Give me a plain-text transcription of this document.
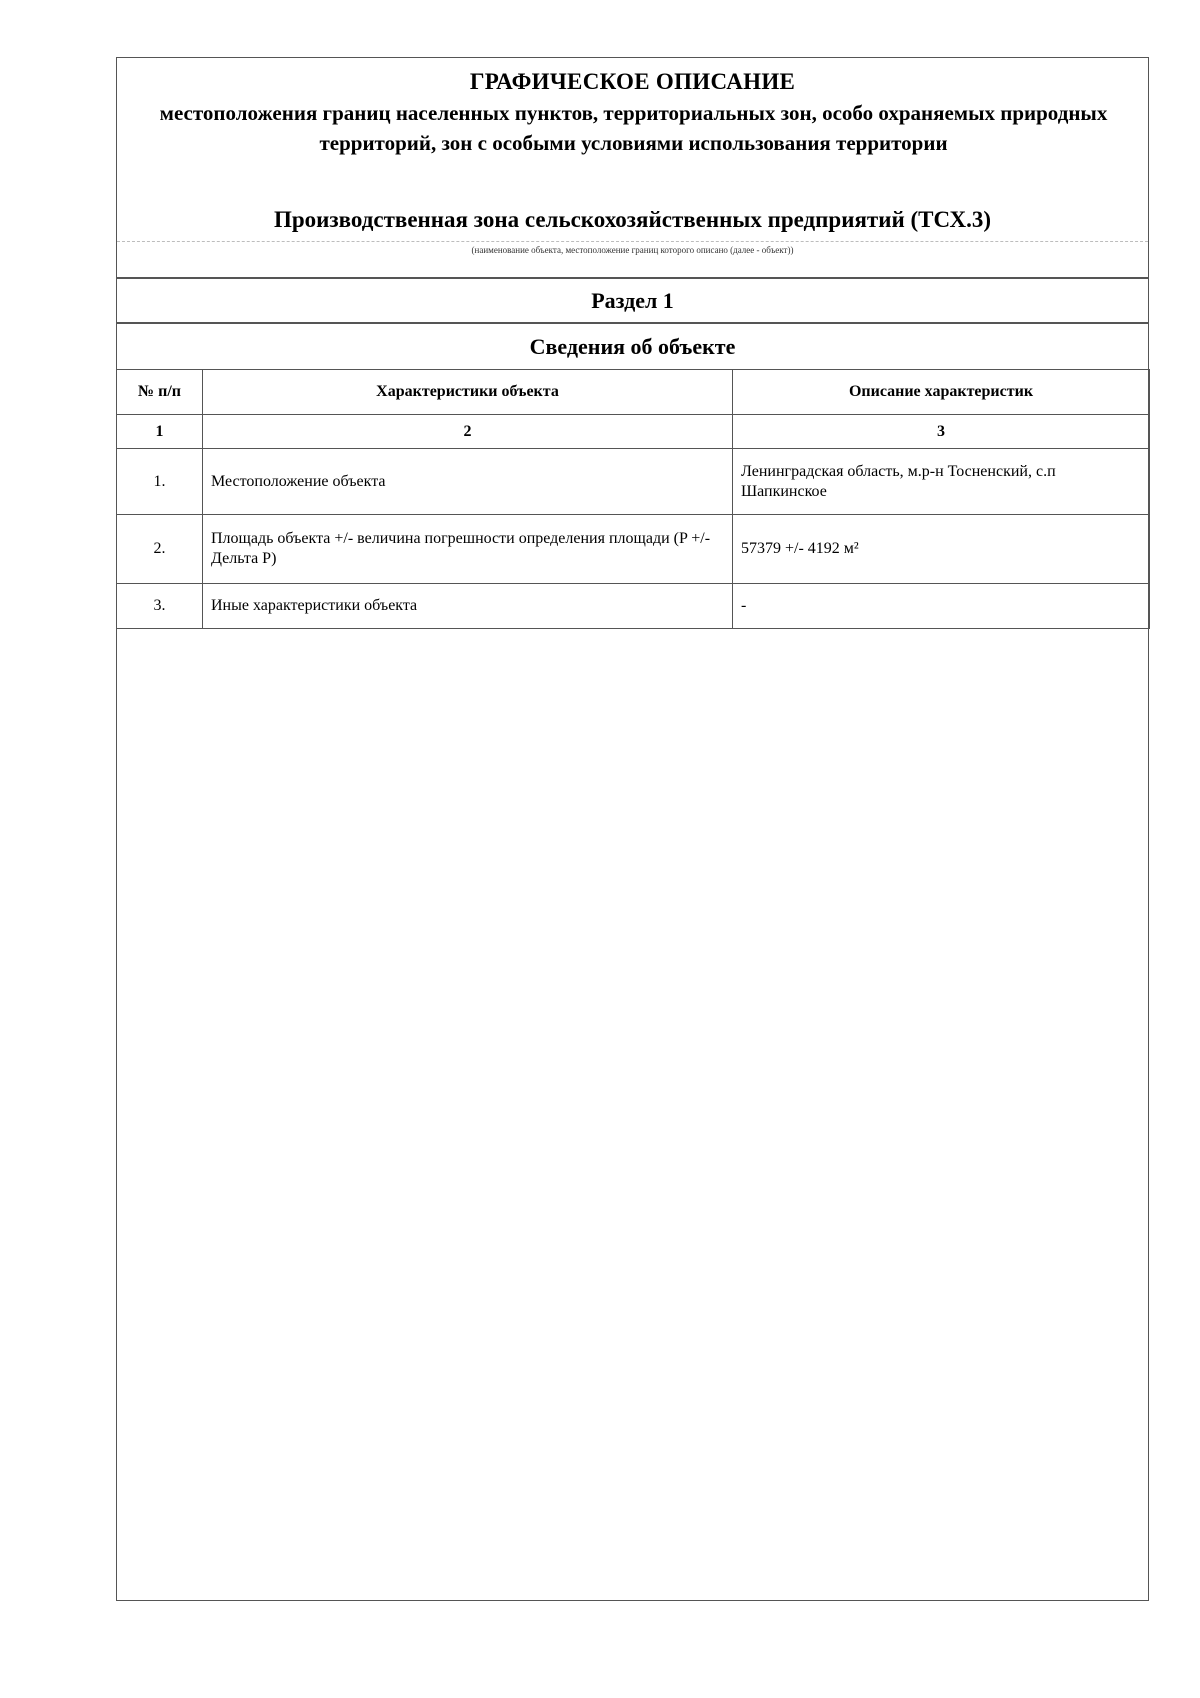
ГРАФИЧЕСКОЕ ОПИСАНИЕ
местоположения границ населенных пунктов, территориальных зон, особо охраняемых природных территорий, зон с особыми условиями использования территории
Производственная зона сельскохозяйственных предприятий (ТСХ.3)
(наименование объекта, местоположение границ которого описано (далее - объект))
Раздел 1
Сведения об объекте
№ п/п	Характеристики объекта	Описание характеристик
1	2	3
1.	Местоположение объекта	Ленинградская область, м.р-н Тосненский, с.п Шапкинское
2.	Площадь объекта +/- величина погрешности определения площади (P +/- Дельта P)	57379 +/- 4192 м²
3.	Иные характеристики объекта	-
